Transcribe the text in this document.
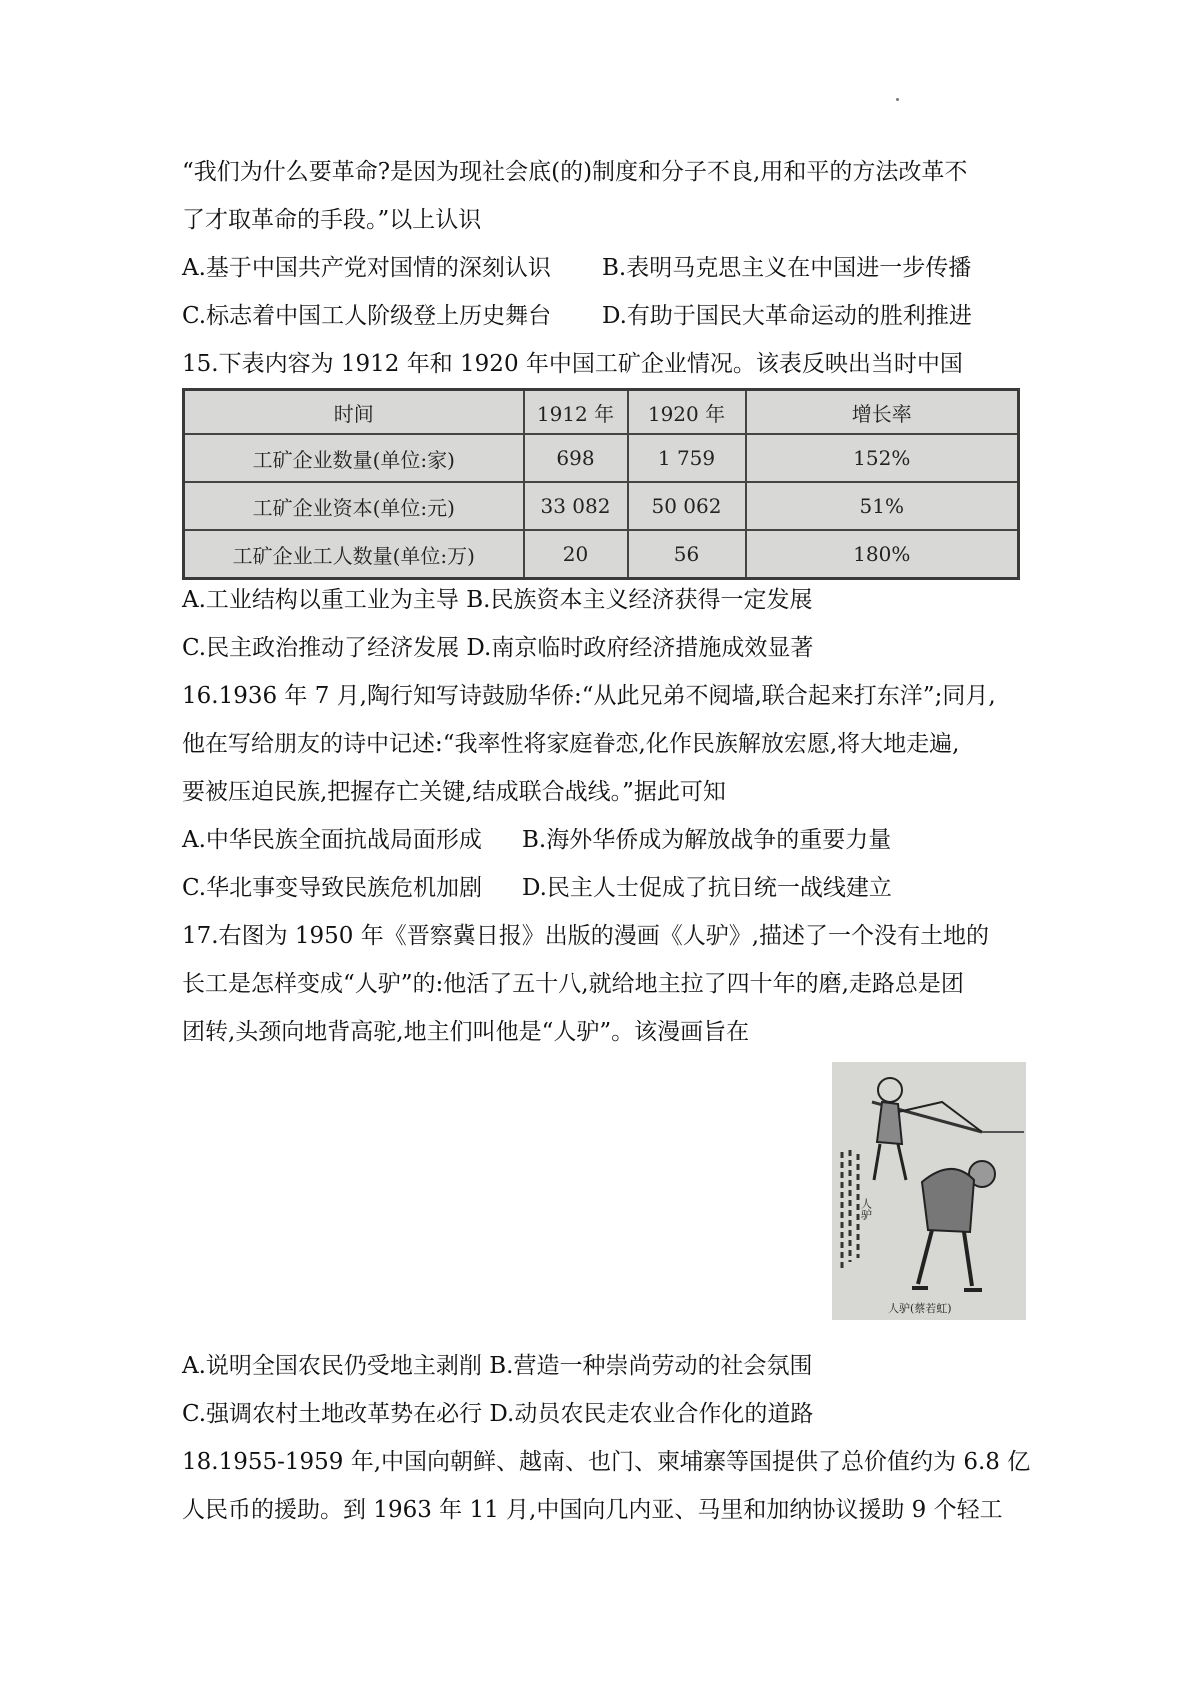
“我们为什么要革命?是因为现社会底(的)制度和分子不良,用和平的方法改革不
了才取革命的手段。”以上认识
A.基于中国共产党对国情的深刻认识	B.表明马克思主义在中国进一步传播
C.标志着中国工人阶级登上历史舞台	D.有助于国民大革命运动的胜利推进
15.下表内容为 1912 年和 1920 年中国工矿企业情况。该表反映出当时中国
A.工业结构以重工业为主导 B.民族资本主义经济获得一定发展
C.民主政治推动了经济发展 D.南京临时政府经济措施成效显著
16.1936 年 7 月,陶行知写诗鼓励华侨:“从此兄弟不阋墙,联合起来打东洋”;同月,
他在写给朋友的诗中记述:“我率性将家庭眷恋,化作民族解放宏愿,将大地走遍,
要被压迫民族,把握存亡关键,结成联合战线。”据此可知
A.中华民族全面抗战局面形成	B.海外华侨成为解放战争的重要力量
C.华北事变导致民族危机加剧	D.民主人士促成了抗日统一战线建立
17.右图为 1950 年《晋察冀日报》出版的漫画《人驴》,描述了一个没有土地的
长工是怎样变成“人驴”的:他活了五十八,就给地主拉了四十年的磨,走路总是团
团转,头颈向地背高驼,地主们叫他是“人驴”。该漫画旨在
A.说明全国农民仍受地主剥削 B.营造一种崇尚劳动的社会氛围
C.强调农村土地改革势在必行 D.动员农民走农业合作化的道路
18.1955-1959 年,中国向朝鲜、越南、也门、柬埔寨等国提供了总价值约为 6.8 亿
人民币的援助。到 1963 年 11 月,中国向几内亚、马里和加纳协议援助 9 个轻工
时间	1912 年	1920 年	增长率
工矿企业数量(单位:家)	698	1 759	152%
工矿企业资本(单位:元)	33 082	50 062	51%
工矿企业工人数量(单位:万)	20	56	180%
人驴
人驴(蔡若虹)
